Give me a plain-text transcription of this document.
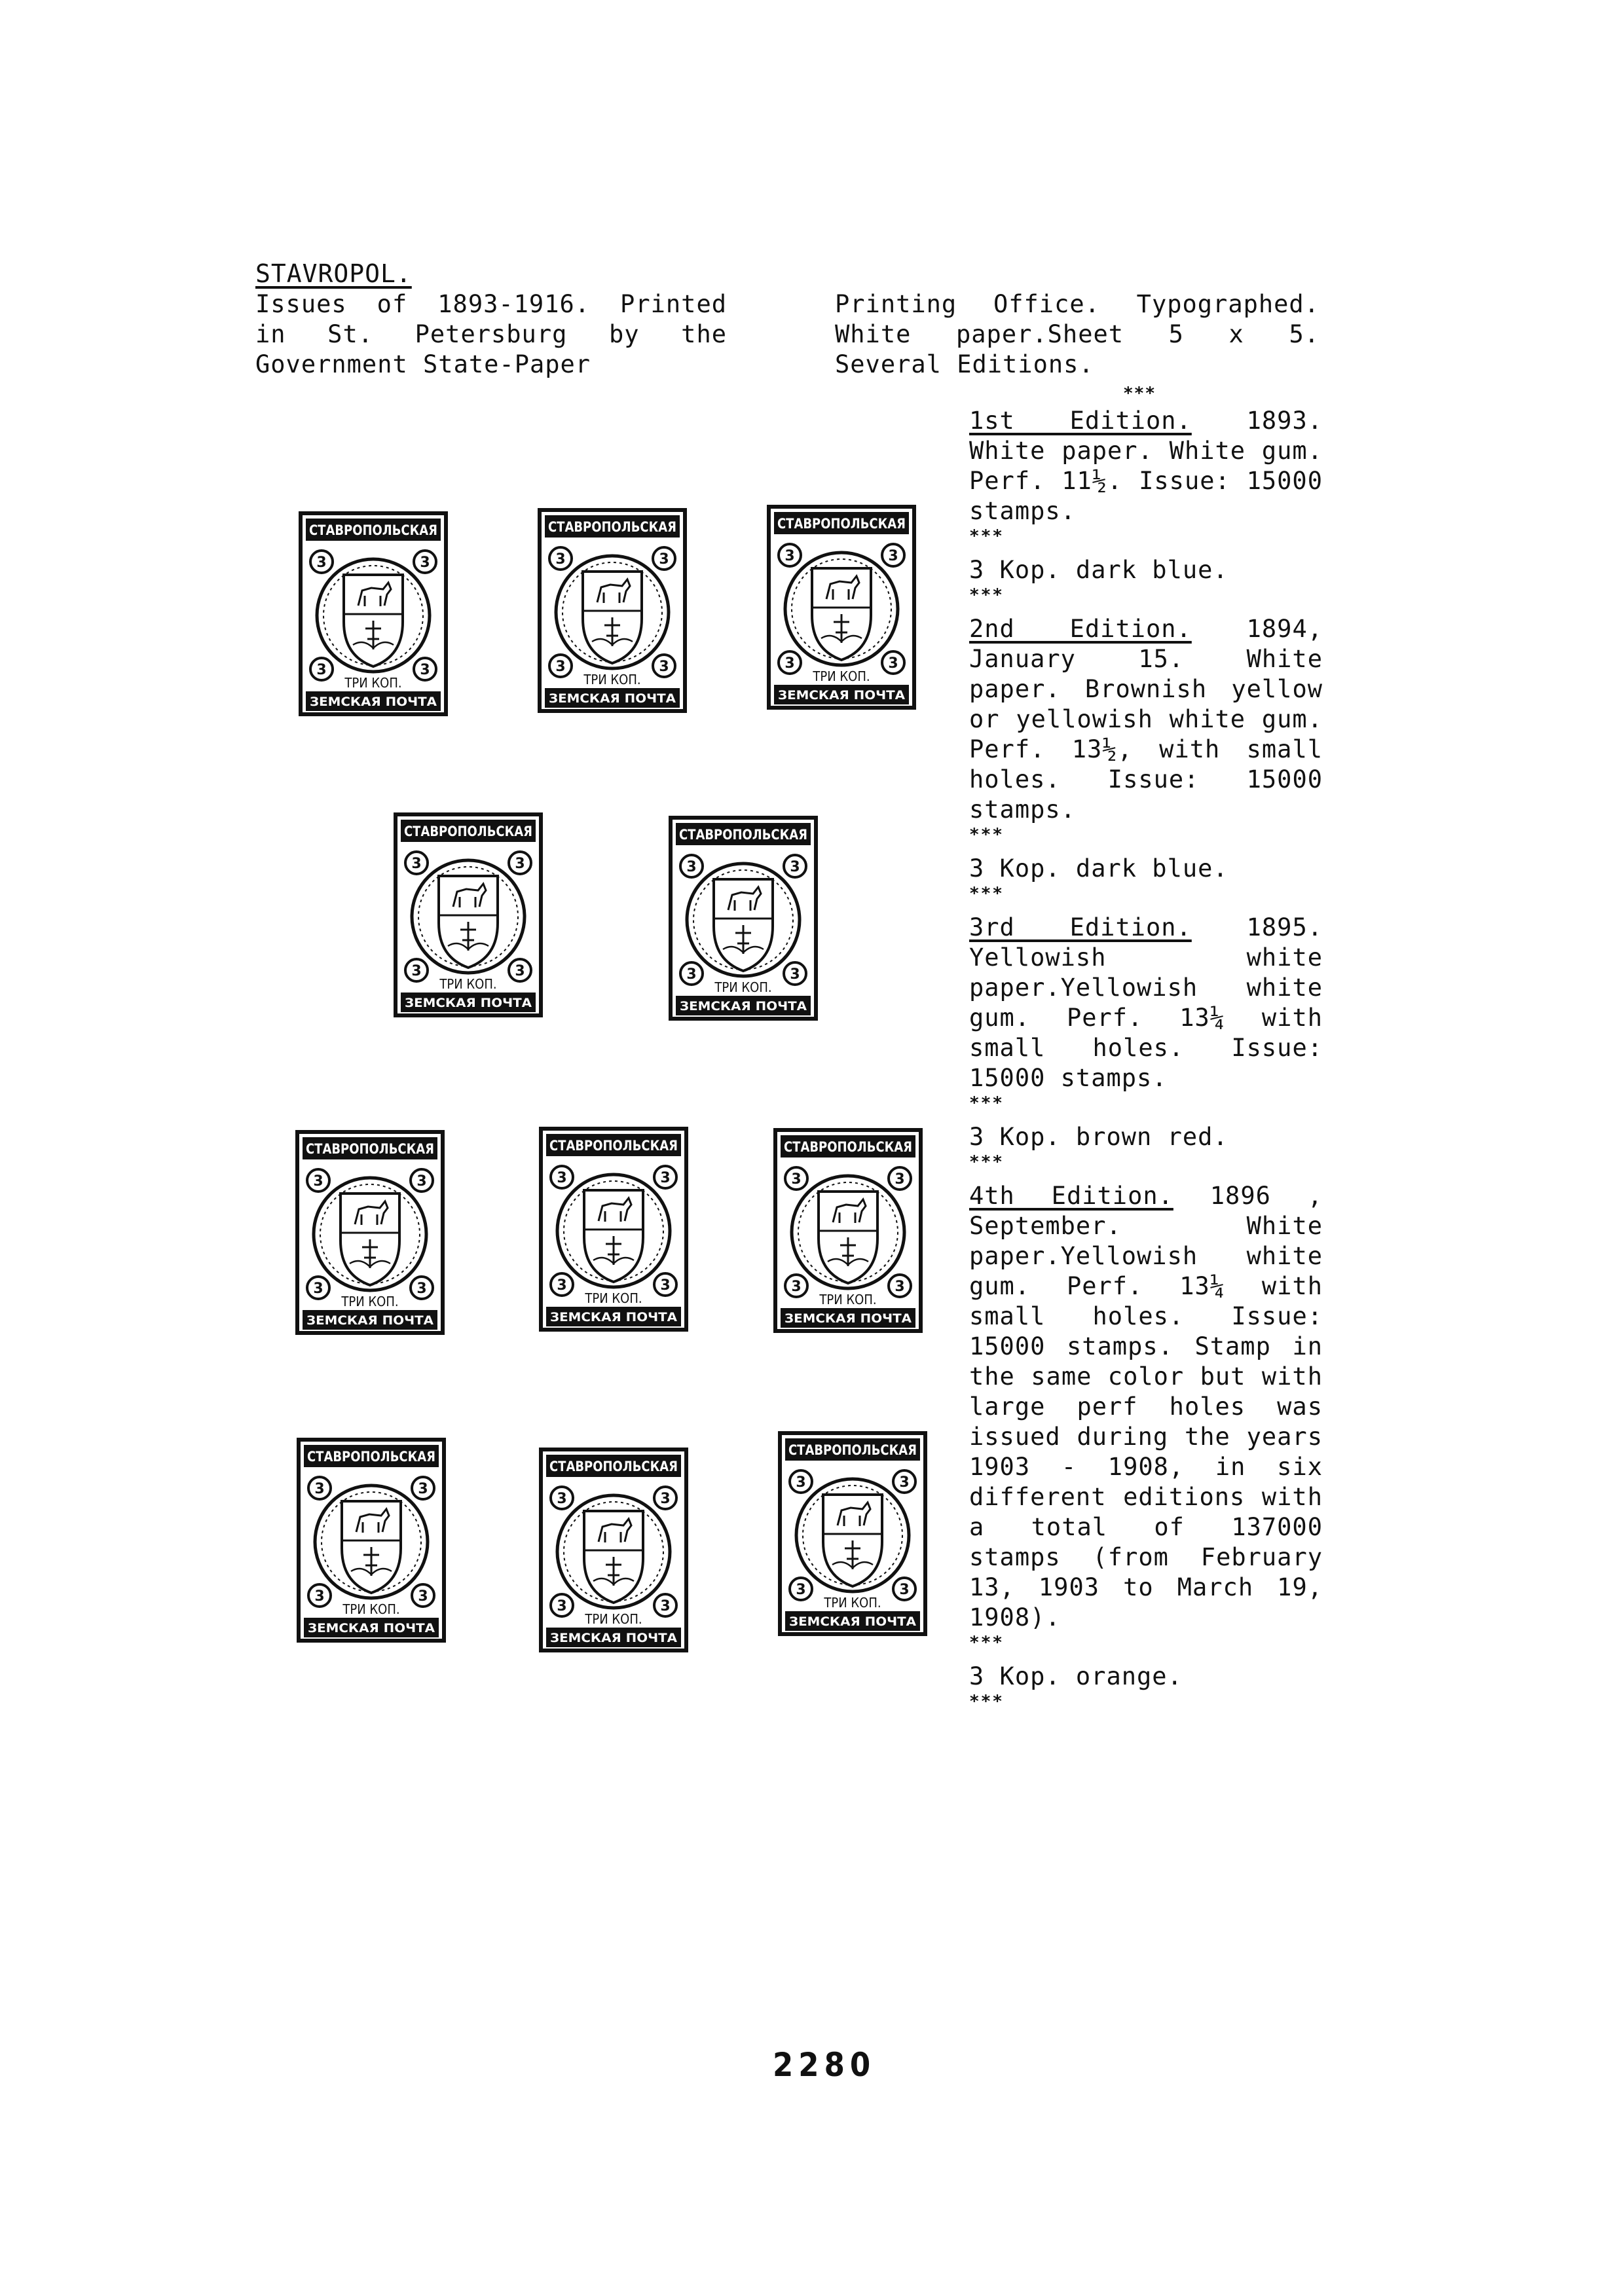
STAVROPOL.
Issues of 1893-1916. Printed in St. Petersburg by the Government State-Paper
Printing Office. Typographed. White paper.Sheet 5 x 5. Several Editions.
***

1st Edition. 1893. White paper. White gum. Perf. 11½. Issue: 15000 stamps.

***

3 Kop. dark blue.

***

2nd Edition. 1894, January 15. White paper. Brownish yellow or yellowish white gum. Perf. 13½, with small holes. Issue: 15000 stamps.

***

3 Kop. dark blue.

***

3rd Edition. 1895. Yellowish white paper.Yellowish white gum. Perf. 13¼ with small holes. Issue: 15000 stamps.

***

3 Kop. brown red.

***

4th Edition. 1896 , September. White paper.Yellowish white gum. Perf. 13¼ with small holes. Issue: 15000 stamps. Stamp in the same color but with large perf holes was issued during the years 1903 - 1908, in six different editions with a total of 137000 stamps (from February 13, 1903 to March 19, 1908).

***

3 Kop. orange.

***

СТАВРОПОЛЬСКАЯ
3	3
3	3
ТРИ КОП.
ЗЕМСКАЯ ПОЧТА
СТАВРОПОЛЬСКАЯ
3	3
3	3
ТРИ КОП.
ЗЕМСКАЯ ПОЧТА
СТАВРОПОЛЬСКАЯ
3	3
3	3
ТРИ КОП.
ЗЕМСКАЯ ПОЧТА
СТАВРОПОЛЬСКАЯ
3	3
3	3
ТРИ КОП.
ЗЕМСКАЯ ПОЧТА
СТАВРОПОЛЬСКАЯ
3	3
3	3
ТРИ КОП.
ЗЕМСКАЯ ПОЧТА
СТАВРОПОЛЬСКАЯ
3	3
3	3
ТРИ КОП.
ЗЕМСКАЯ ПОЧТА
СТАВРОПОЛЬСКАЯ
3	3
3	3
ТРИ КОП.
ЗЕМСКАЯ ПОЧТА
СТАВРОПОЛЬСКАЯ
3	3
3	3
ТРИ КОП.
ЗЕМСКАЯ ПОЧТА
СТАВРОПОЛЬСКАЯ
3	3
3	3
ТРИ КОП.
ЗЕМСКАЯ ПОЧТА
СТАВРОПОЛЬСКАЯ
3	3
3	3
ТРИ КОП.
ЗЕМСКАЯ ПОЧТА
СТАВРОПОЛЬСКАЯ
3	3
3	3
ТРИ КОП.
ЗЕМСКАЯ ПОЧТА
2280
